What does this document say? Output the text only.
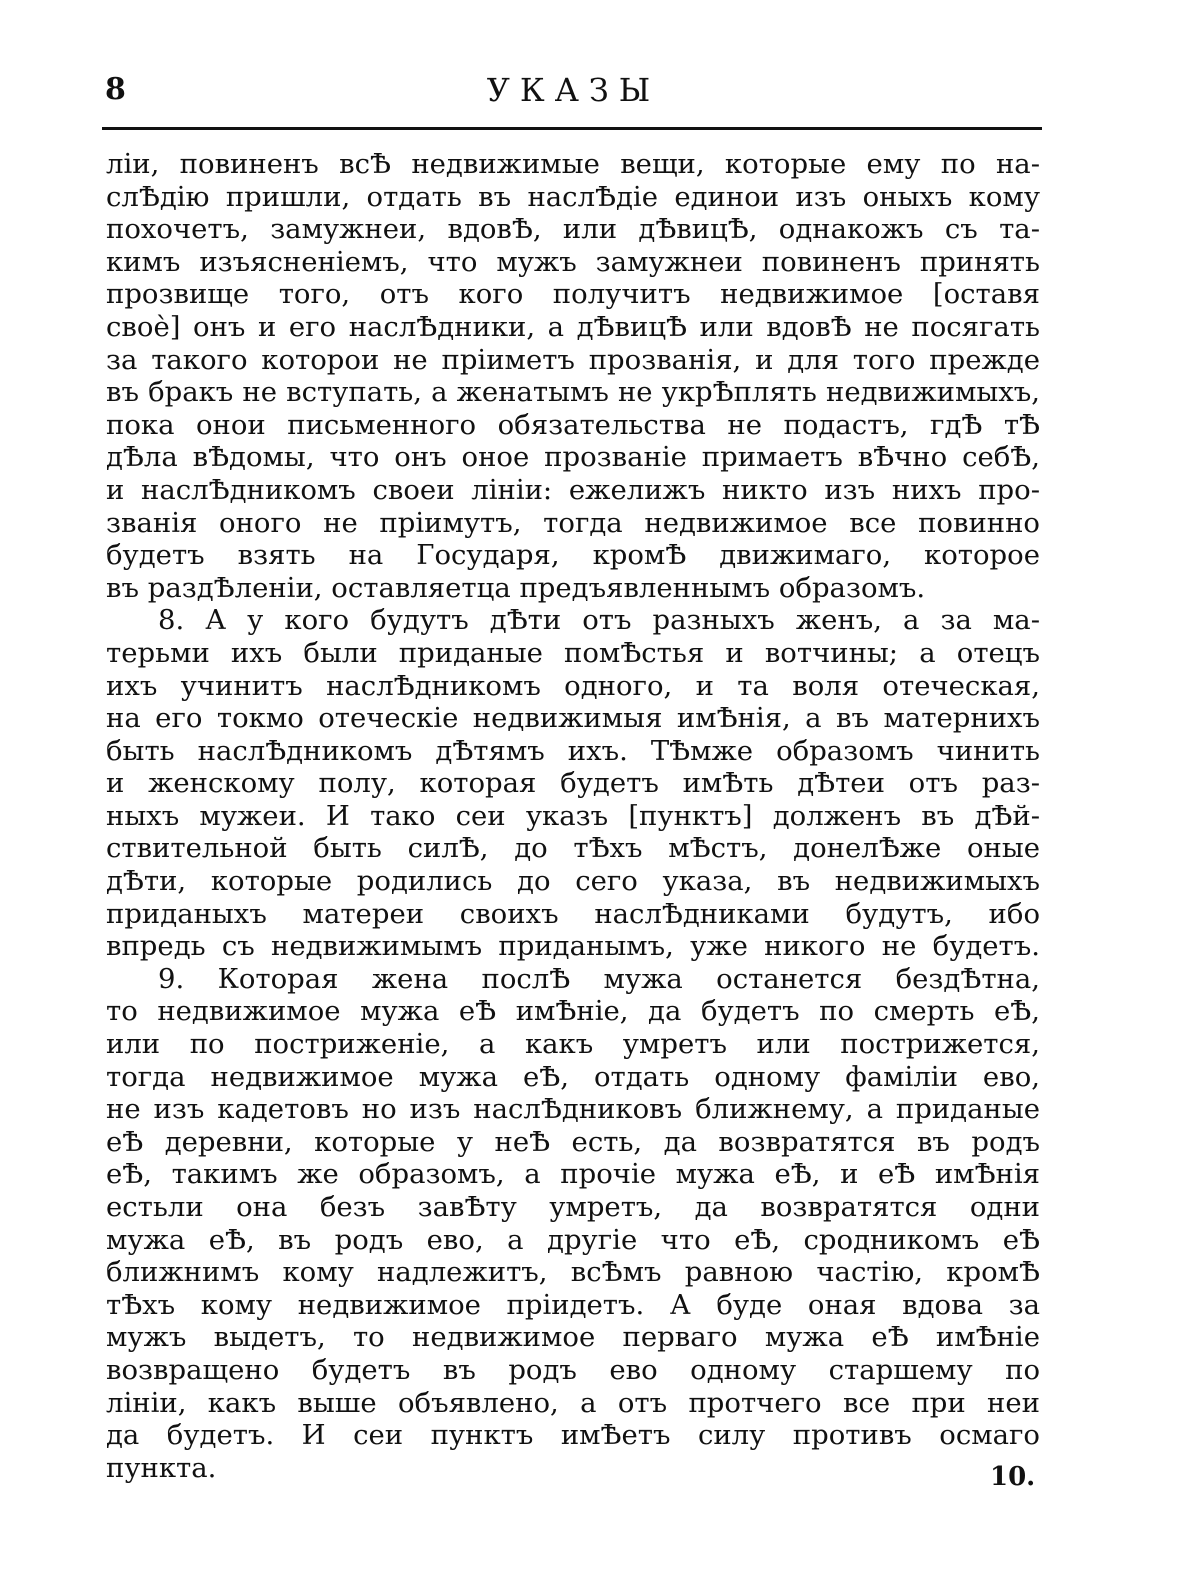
8	УКАЗЫ
лiи, повиненъ всѢ недвижимые вещи, которые ему по на-
слѢдiю пришли, отдать въ наслѢдiе единои изъ оныхъ кому
похочетъ, замужнеи, вдовѢ, или дѢвицѢ, однакожъ съ та-
кимъ изъясненiемъ, что мужъ замужнеи повиненъ принять
прозвище того, отъ кого получитъ недвижимое [оставя
своѐ] онъ и его наслѢдники, а дѢвицѢ или вдовѢ не посягать
за такого которои не прiиметъ прозванiя, и для того прежде
въ бракъ не вступать, а женатымъ не укрѢплять недвижимыхъ,
пока онои письменного обязательства не подастъ, гдѢ тѢ
дѢла вѢдомы, что онъ оное прозванiе примаетъ вѢчно себѢ,
и наслѢдникомъ своеи лiнiи: ежелижъ никто изъ нихъ про-
званiя оного не прiимутъ, тогда недвижимое все повинно
будетъ взять на Государя, кромѢ движимаго, которое
въ раздѢленiи, оставляетца предъявленнымъ образомъ.
8. А у кого будутъ дѢти отъ разныхъ женъ, а за ма-
терьми ихъ были приданые помѢстья и вотчины; а отецъ
ихъ учинитъ наслѢдникомъ одного, и та воля отеческая,
на его токмо отеческiе недвижимыя имѢнiя, а въ матерниxъ
быть наслѢдникомъ дѢтямъ ихъ. ТѢмже образомъ чинить
и женскому полу, которая будетъ имѢть дѢтеи отъ раз-
ныхъ мужеи. И тако сеи указъ [пунктъ] долженъ въ дѢй-
ствительной быть силѢ, до тѢхъ мѢстъ, донелѢже оные
дѢти, которые родились до сего указа, въ недвижимыхъ
приданыхъ матереи своихъ наслѢдниками будутъ, ибо
впредь съ недвижимымъ приданымъ, уже никого не будетъ.
9. Которая жена послѢ мужа останется бездѢтна,
то недвижимое мужа еѢ имѢнiе, да будетъ по смерть еѢ,
или по постриженiе, а какъ умретъ или пострижется,
тогда недвижимое мужа еѢ, отдать одному фамiлiи ево,
не изъ кадетовъ но изъ наслѢдниковъ ближнему, а приданые
еѢ деревни, которые у неѢ есть, да возвратятся въ родъ
еѢ, такимъ же образомъ, а прочiе мужа еѢ, и еѢ имѢнiя
естьли она безъ завѢту умретъ, да возвратятся одни
мужа еѢ, въ родъ ево, а другiе что еѢ, сродникомъ еѢ
ближнимъ кому надлежитъ, всѢмъ равною частiю, кромѢ
тѢхъ кому недвижимое прiидетъ. А буде оная вдова за
мужъ выдетъ, то недвижимое перваго мужа еѢ имѢнiе
возвращено будетъ въ родъ ево одному старшему по
лiнiи, какъ выше объявлено, а отъ протчего все при неи
да будетъ. И сеи пунктъ имѢетъ силу противъ осмаго
пункта.	10.
